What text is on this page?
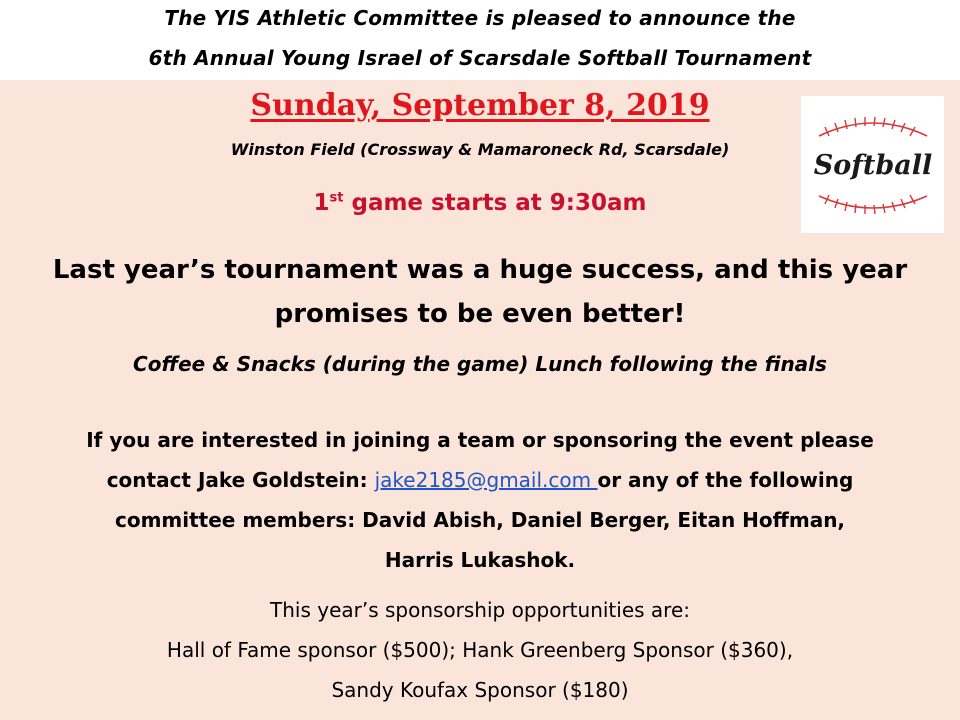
The YIS Athletic Committee is pleased to announce the
6th Annual Young Israel of Scarsdale Softball Tournament
Sunday, September 8, 2019
Winston Field (Crossway & Mamaroneck Rd, Scarsdale)
1st game starts at 9:30am
Softball
Last year’s tournament was a huge success, and this year
promises to be even better!
Coffee & Snacks (during the game) Lunch following the finals
If you are interested in joining a team or sponsoring the event please
contact Jake Goldstein: jake2185@gmail.com or any of the following
committee members: David Abish, Daniel Berger, Eitan Hoffman,
Harris Lukashok.
This year’s sponsorship opportunities are:
Hall of Fame sponsor ($500); Hank Greenberg Sponsor ($360),
Sandy Koufax Sponsor ($180)
